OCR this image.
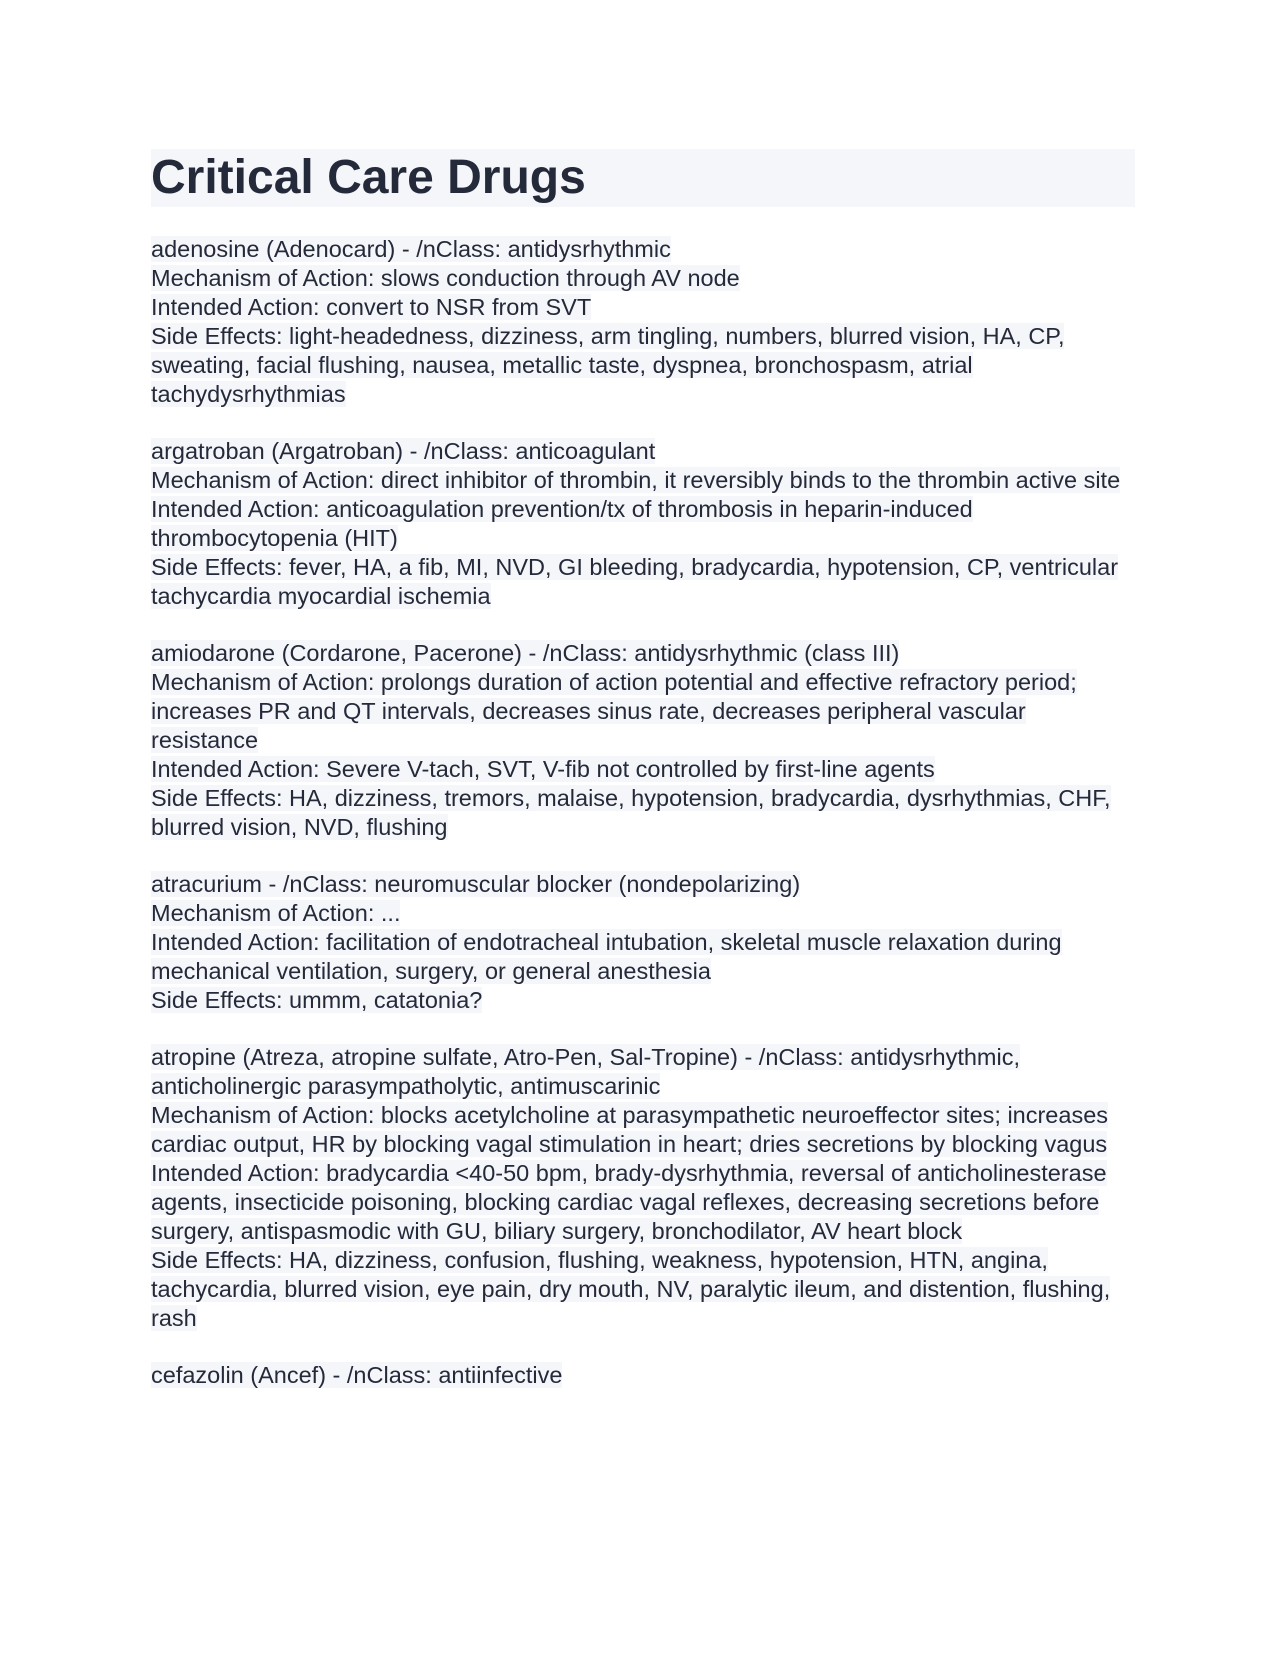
Critical Care Drugs
adenosine (Adenocard) - /nClass: antidysrhythmic
Mechanism of Action: slows conduction through AV node
Intended Action: convert to NSR from SVT
Side Effects: light-headedness, dizziness, arm tingling, numbers, blurred vision, HA, CP, sweating, facial flushing, nausea, metallic taste, dyspnea, bronchospasm, atrial tachydysrhythmias
argatroban (Argatroban) - /nClass: anticoagulant
Mechanism of Action: direct inhibitor of thrombin, it reversibly binds to the thrombin active site
Intended Action: anticoagulation prevention/tx of thrombosis in heparin-induced thrombocytopenia (HIT)
Side Effects: fever, HA, a fib, MI, NVD, GI bleeding, bradycardia, hypotension, CP, ventricular tachycardia myocardial ischemia
amiodarone (Cordarone, Pacerone) - /nClass: antidysrhythmic (class III)
Mechanism of Action: prolongs duration of action potential and effective refractory period; increases PR and QT intervals, decreases sinus rate, decreases peripheral vascular resistance
Intended Action: Severe V-tach, SVT, V-fib not controlled by first-line agents
Side Effects: HA, dizziness, tremors, malaise, hypotension, bradycardia, dysrhythmias, CHF, blurred vision, NVD, flushing
atracurium - /nClass: neuromuscular blocker (nondepolarizing)
Mechanism of Action: ...
Intended Action: facilitation of endotracheal intubation, skeletal muscle relaxation during mechanical ventilation, surgery, or general anesthesia
Side Effects: ummm, catatonia?
atropine (Atreza, atropine sulfate, Atro-Pen, Sal-Tropine) - /nClass: antidysrhythmic, anticholinergic parasympatholytic, antimuscarinic
Mechanism of Action: blocks acetylcholine at parasympathetic neuroeffector sites; increases cardiac output, HR by blocking vagal stimulation in heart; dries secretions by blocking vagus
Intended Action: bradycardia <40-50 bpm, brady-dysrhythmia, reversal of anticholinesterase agents, insecticide poisoning, blocking cardiac vagal reflexes, decreasing secretions before surgery, antispasmodic with GU, biliary surgery, bronchodilator, AV heart block
Side Effects: HA, dizziness, confusion, flushing, weakness, hypotension, HTN, angina, tachycardia, blurred vision, eye pain, dry mouth, NV, paralytic ileum, and distention, flushing, rash
cefazolin (Ancef) - /nClass: antiinfective
